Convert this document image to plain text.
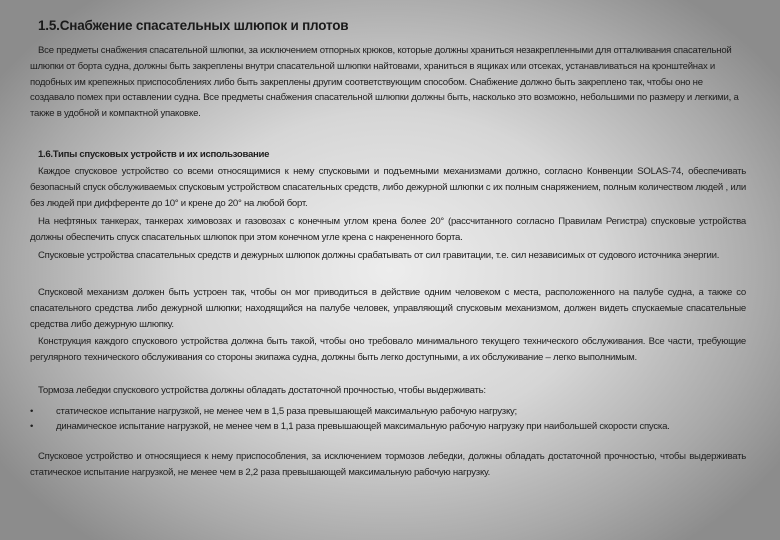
1.5.Снабжение спасательных шлюпок и плотов
Все предметы снабжения спасательной шлюпки, за исключением отпорных крюков, которые должны храниться незакрепленными для отталкивания спасательной шлюпки от борта судна, должны быть закреплены внутри спасательной шлюпки найтовами, храниться в ящиках или отсеках, устанавливаться на кронштейнах и подобных им крепежных приспособлениях либо быть закреплены другим соответствующим способом. Снабжение должно быть закреплено так, чтобы оно не создавало помех при оставлении судна. Все предметы снабжения спасательной шлюпки должны быть, насколько это возможно, небольшими по размеру и легкими, а также в удобной и компактной упаковке.
1.6.Типы спусковых устройств и их использование
Каждое спусковое устройство со всеми относящимися к нему спусковыми и подъемными механизмами должно, согласно Конвенции SOLAS-74, обеспечивать безопасный спуск обслуживаемых спусковым устройством спасательных средств, либо дежурной шлюпки с их полным снаряжением, полным количеством людей , или без людей при дифференте до 10° и крене до 20° на любой борт.
На нефтяных танкерах, танкерах химовозах и газовозах с конечным углом крена более 20° (рассчитанного согласно Правилам Регистра) спусковые устройства должны обеспечить спуск спасательных шлюпок при этом конечном угле крена с накрененного борта.
Спусковые устройства спасательных средств и дежурных шлюпок должны срабатывать от сил гравитации, т.е. сил независимых от судового источника энергии.
Спусковой механизм должен быть устроен так, чтобы он мог приводиться в действие одним человеком с места, расположенного на палубе судна, а также со спасательного средства либо дежурной шлюпки; находящийся на палубе человек, управляющий спусковым механизмом, должен видеть спускаемые спасательные средства либо дежурную шлюпку.
Конструкция каждого спускового устройства должна быть такой, чтобы оно требовало минимального текущего технического обслуживания. Все части, требующие регулярного технического обслуживания со стороны экипажа судна, должны быть легко доступными, а их обслуживание – легко выполнимым.
Тормоза лебедки спускового устройства должны обладать достаточной прочностью, чтобы выдерживать:
• статическое испытание нагрузкой, не менее чем в 1,5 раза превышающей максимальную рабочую нагрузку;
• динамическое испытание нагрузкой, не менее чем в 1,1 раза превышающей максимальную рабочую нагрузку при наибольшей скорости спуска.
Спусковое устройство и относящиеся к нему приспособления, за исключением тормозов лебедки, должны обладать достаточной прочностью, чтобы выдерживать статическое испытание нагрузкой, не менее чем в 2,2 раза превышающей максимальную рабочую нагрузку.
